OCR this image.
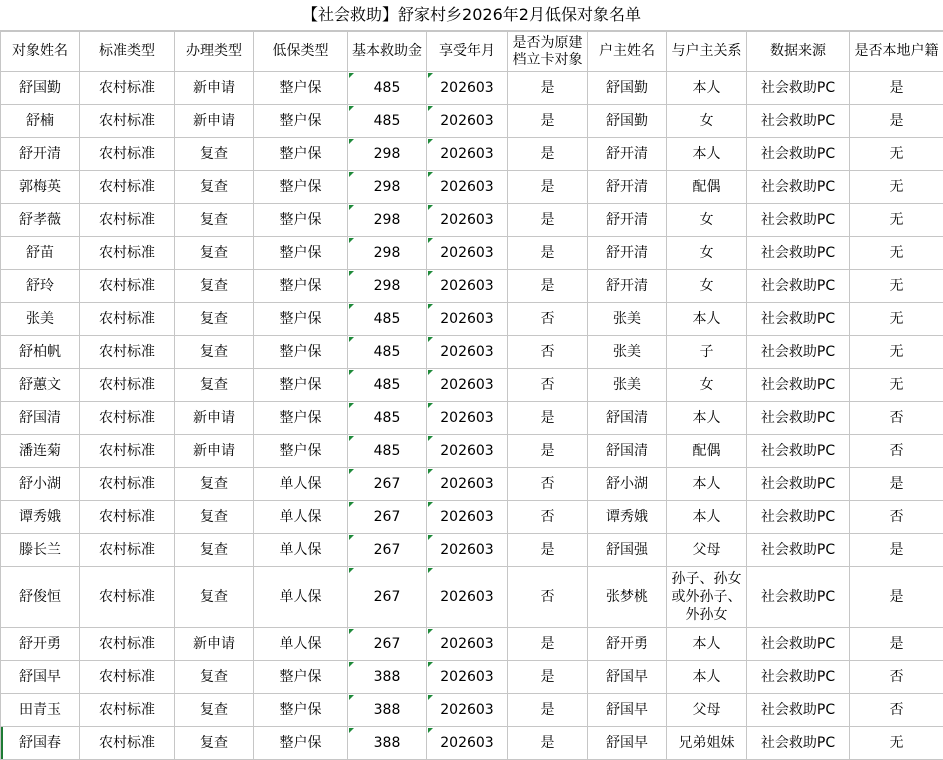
【社会救助】舒家村乡2026年2月低保对象名单
对象姓名	标准类型	办理类型	低保类型	基本救助金	享受年月	是否为原建档立卡对象	户主姓名	与户主关系	数据来源	是否本地户籍
舒国勤	农村标准	新申请	整户保	485	202603	是	舒国勤	本人	社会救助PC	是
舒楠	农村标准	新申请	整户保	485	202603	是	舒国勤	女	社会救助PC	是
舒开清	农村标准	复查	整户保	298	202603	是	舒开清	本人	社会救助PC	无
郭梅英	农村标准	复查	整户保	298	202603	是	舒开清	配偶	社会救助PC	无
舒孝薇	农村标准	复查	整户保	298	202603	是	舒开清	女	社会救助PC	无
舒苗	农村标准	复查	整户保	298	202603	是	舒开清	女	社会救助PC	无
舒玲	农村标准	复查	整户保	298	202603	是	舒开清	女	社会救助PC	无
张美	农村标准	复查	整户保	485	202603	否	张美	本人	社会救助PC	无
舒柏帆	农村标准	复查	整户保	485	202603	否	张美	子	社会救助PC	无
舒蕙文	农村标准	复查	整户保	485	202603	否	张美	女	社会救助PC	无
舒国清	农村标准	新申请	整户保	485	202603	是	舒国清	本人	社会救助PC	否
潘连菊	农村标准	新申请	整户保	485	202603	是	舒国清	配偶	社会救助PC	否
舒小湖	农村标准	复查	单人保	267	202603	否	舒小湖	本人	社会救助PC	是
谭秀娥	农村标准	复查	单人保	267	202603	否	谭秀娥	本人	社会救助PC	否
滕长兰	农村标准	复查	单人保	267	202603	是	舒国强	父母	社会救助PC	是
舒俊恒	农村标准	复查	单人保	267	202603	否	张梦桃	孙子、孙女或外孙子、外孙女	社会救助PC	是
舒开勇	农村标准	新申请	单人保	267	202603	是	舒开勇	本人	社会救助PC	是
舒国早	农村标准	复查	整户保	388	202603	是	舒国早	本人	社会救助PC	否
田青玉	农村标准	复查	整户保	388	202603	是	舒国早	父母	社会救助PC	否
舒国春	农村标准	复查	整户保	388	202603	是	舒国早	兄弟姐妹	社会救助PC	无
